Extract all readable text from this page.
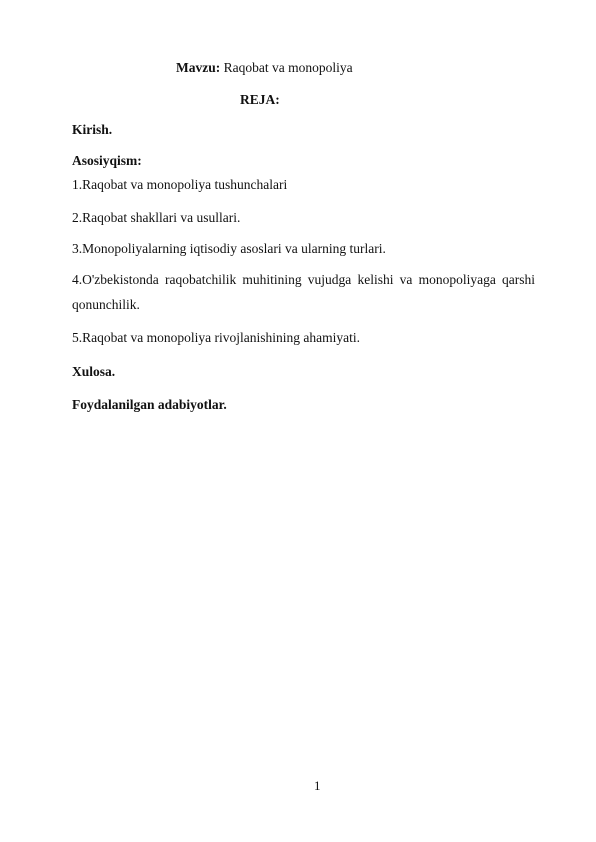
Mavzu: Raqobat va monopoliya
REJA:
Kirish.
Asosiyqism:
1.Raqobat va monopoliya tushunchalari
2.Raqobat shakllari va usullari.
3.Monopoliyalarning iqtisodiy asoslari va ularning turlari.
4.O'zbekistonda raqobatchilik muhitining vujudga kelishi va monopoliyaga qarshi
qonunchilik.
5.Raqobat va monopoliya rivojlanishining ahamiyati.
Xulosa.
Foydalanilgan adabiyotlar.
1
